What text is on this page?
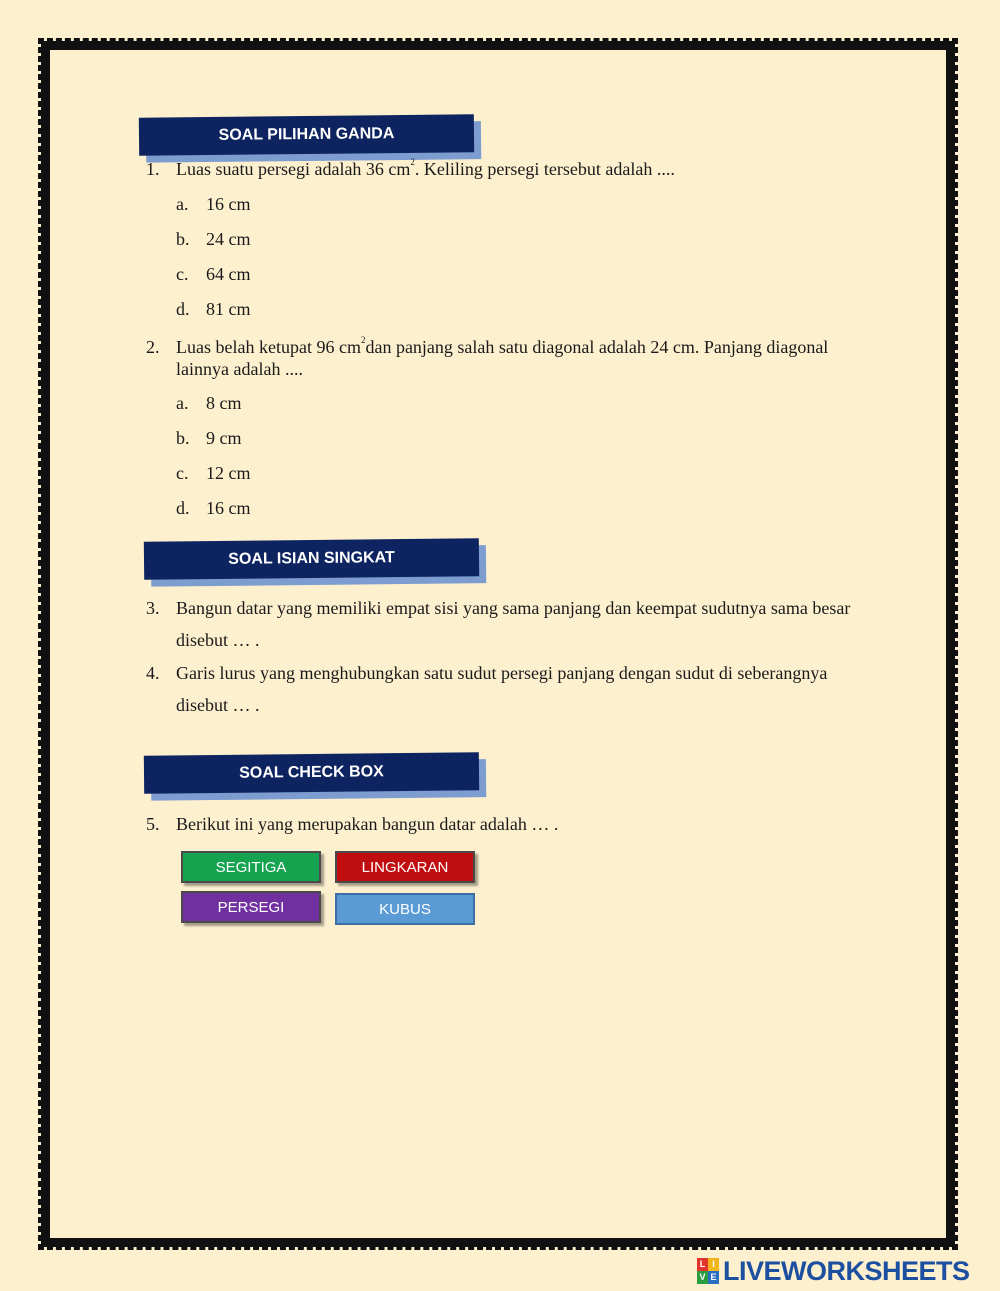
SOAL PILIHAN GANDA
1. Luas suatu persegi adalah 36 $cm^2$. Keliling persegi tersebut adalah ....
a. 16 cm
b. 24 cm
c. 64 cm
d. 81 cm
2. Luas belah ketupat 96 $cm^2dan$ panjang salah satu diagonal adalah 24 cm. Panjang diagonal
lainnya adalah ....
a. 8 cm
b. 9 cm
c. 12 cm
d. 16 cm
SOAL ISIAN SINGKAT
3. Bangun datar yang memiliki empat sisi yang sama panjang dan keempat sudutnya sama besar
disebut … .
4. Garis lurus yang menghubungkan satu sudut persegi panjang dengan sudut di seberangnya
disebut … .
SOAL CHECK BOX
5. Berikut ini yang merupakan bangun datar adalah … .
SEGITIGA	LINGKARAN
PERSEGI	KUBUS
L I
V E LIVEWORKSHEETS
